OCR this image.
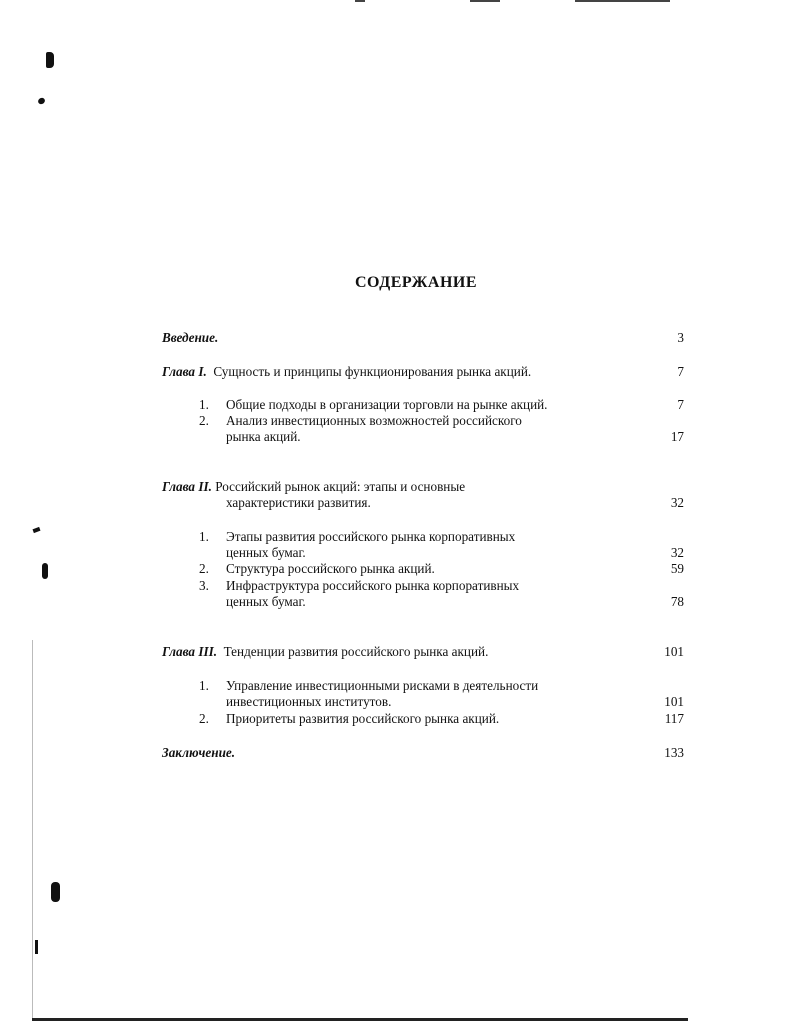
СОДЕРЖАНИЕ
Введение.	3
Глава I. Сущность и принципы функционирования рынка акций.	7
1. Общие подходы в организации торговли на рынке акций.	7
2. Анализ инвестиционных возможностей российского
рынка акций.	17
Глава II. Российский рынок акций: этапы и основные
характеристики развития.	32
1. Этапы развития российского рынка корпоративных
ценных бумаг.	32
2. Структура российского рынка акций.	59
3. Инфраструктура российского рынка корпоративных
ценных бумаг.	78
Глава III. Тенденции развития российского рынка акций.	101
1. Управление инвестиционными рисками в деятельности
инвестиционных институтов.	101
2. Приоритеты развития российского рынка акций.	117
Заключение.	133
